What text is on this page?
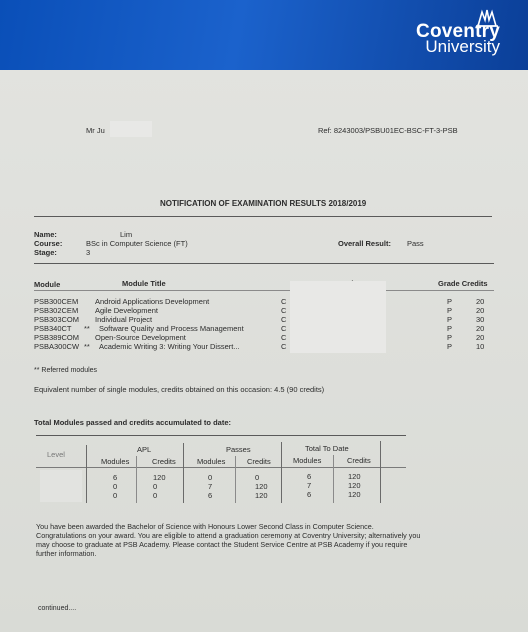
Coventry
University
Mr Ju	Ref: 8243003/PSBU01EC-BSC-FT-3-PSB
NOTIFICATION OF EXAMINATION RESULTS 2018/2019
Name:	Lim
Course:	BSc in Computer Science (FT)	Overall Result: Pass
Stage:	3
Module	Module Title	Grade Credits
PSB300CEM Android Applications Development	C	P	20
PSB302CEM Agile Development	C	P	20
PSB303COM Individual Project	C	P	30
PSB340CT ** Software Quality and Process Management	C	P	20
PSB389COM Open-Source Development	C	P	20
PSBA300CW ** Academic Writing 3: Writing Your Dissert...	C	P	10
** Referred modules
Equivalent number of single modules, credits obtained on this occasion: 4.5 (90 credits)
Total Modules passed and credits accumulated to date:
Level
APL	Passes	Total To Date
Modules	Credits	Modules	Credits	Modules	Credits
6	120	0	0	6	120
0	0	7	120	7	120
0	0	6	120	6	120
You have been awarded the Bachelor of Science with Honours Lower Second Class in Computer Science.
Congratulations on your award. You are eligible to attend a graduation ceremony at Coventry University; alternatively you
may choose to graduate at PSB Academy. Please contact the Student Service Centre at PSB Academy if you require
further information.
continued....
